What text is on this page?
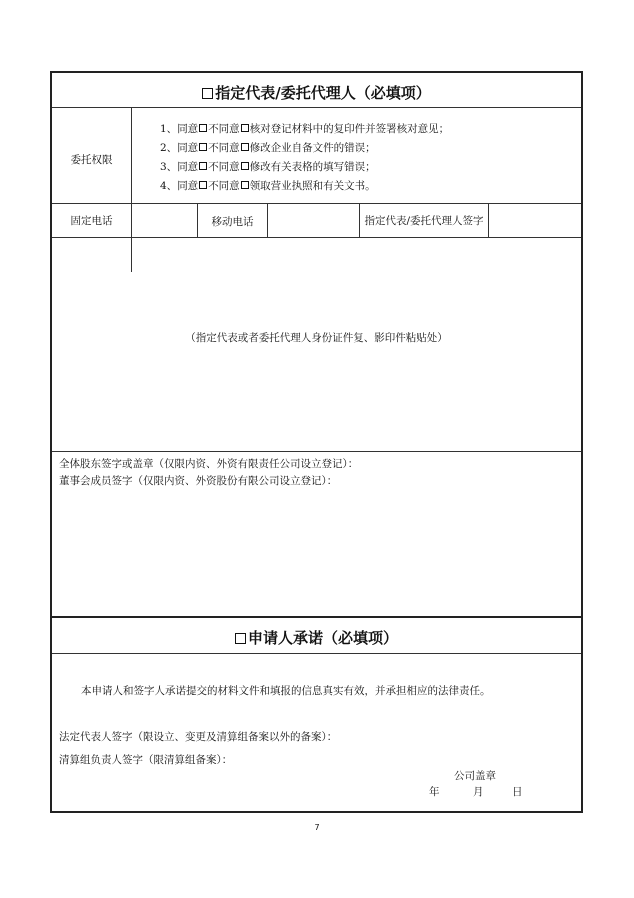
指定代表/委托代理人（必填项）
委托权限
1、同意 不同意 核对登记材料中的复印件并签署核对意见；
2、同意 不同意 修改企业自备文件的错误；
3、同意 不同意 修改有关表格的填写错误；
4、同意 不同意 领取营业执照和有关文书。
固定电话	移动电话	指定代表/委托代理人签字
（指定代表或者委托代理人身份证件复、影印件粘贴处）
全体股东签字或盖章（仅限内资、外资有限责任公司设立登记）：
董事会成员签字（仅限内资、外资股份有限公司设立登记）：
申请人承诺（必填项）
本申请人和签字人承诺提交的材料文件和填报的信息真实有效，并承担相应的法律责任。
法定代表人签字（限设立、变更及清算组备案以外的备案）：
清算组负责人签字（限清算组备案）：
公司盖章
年	月	日
7
